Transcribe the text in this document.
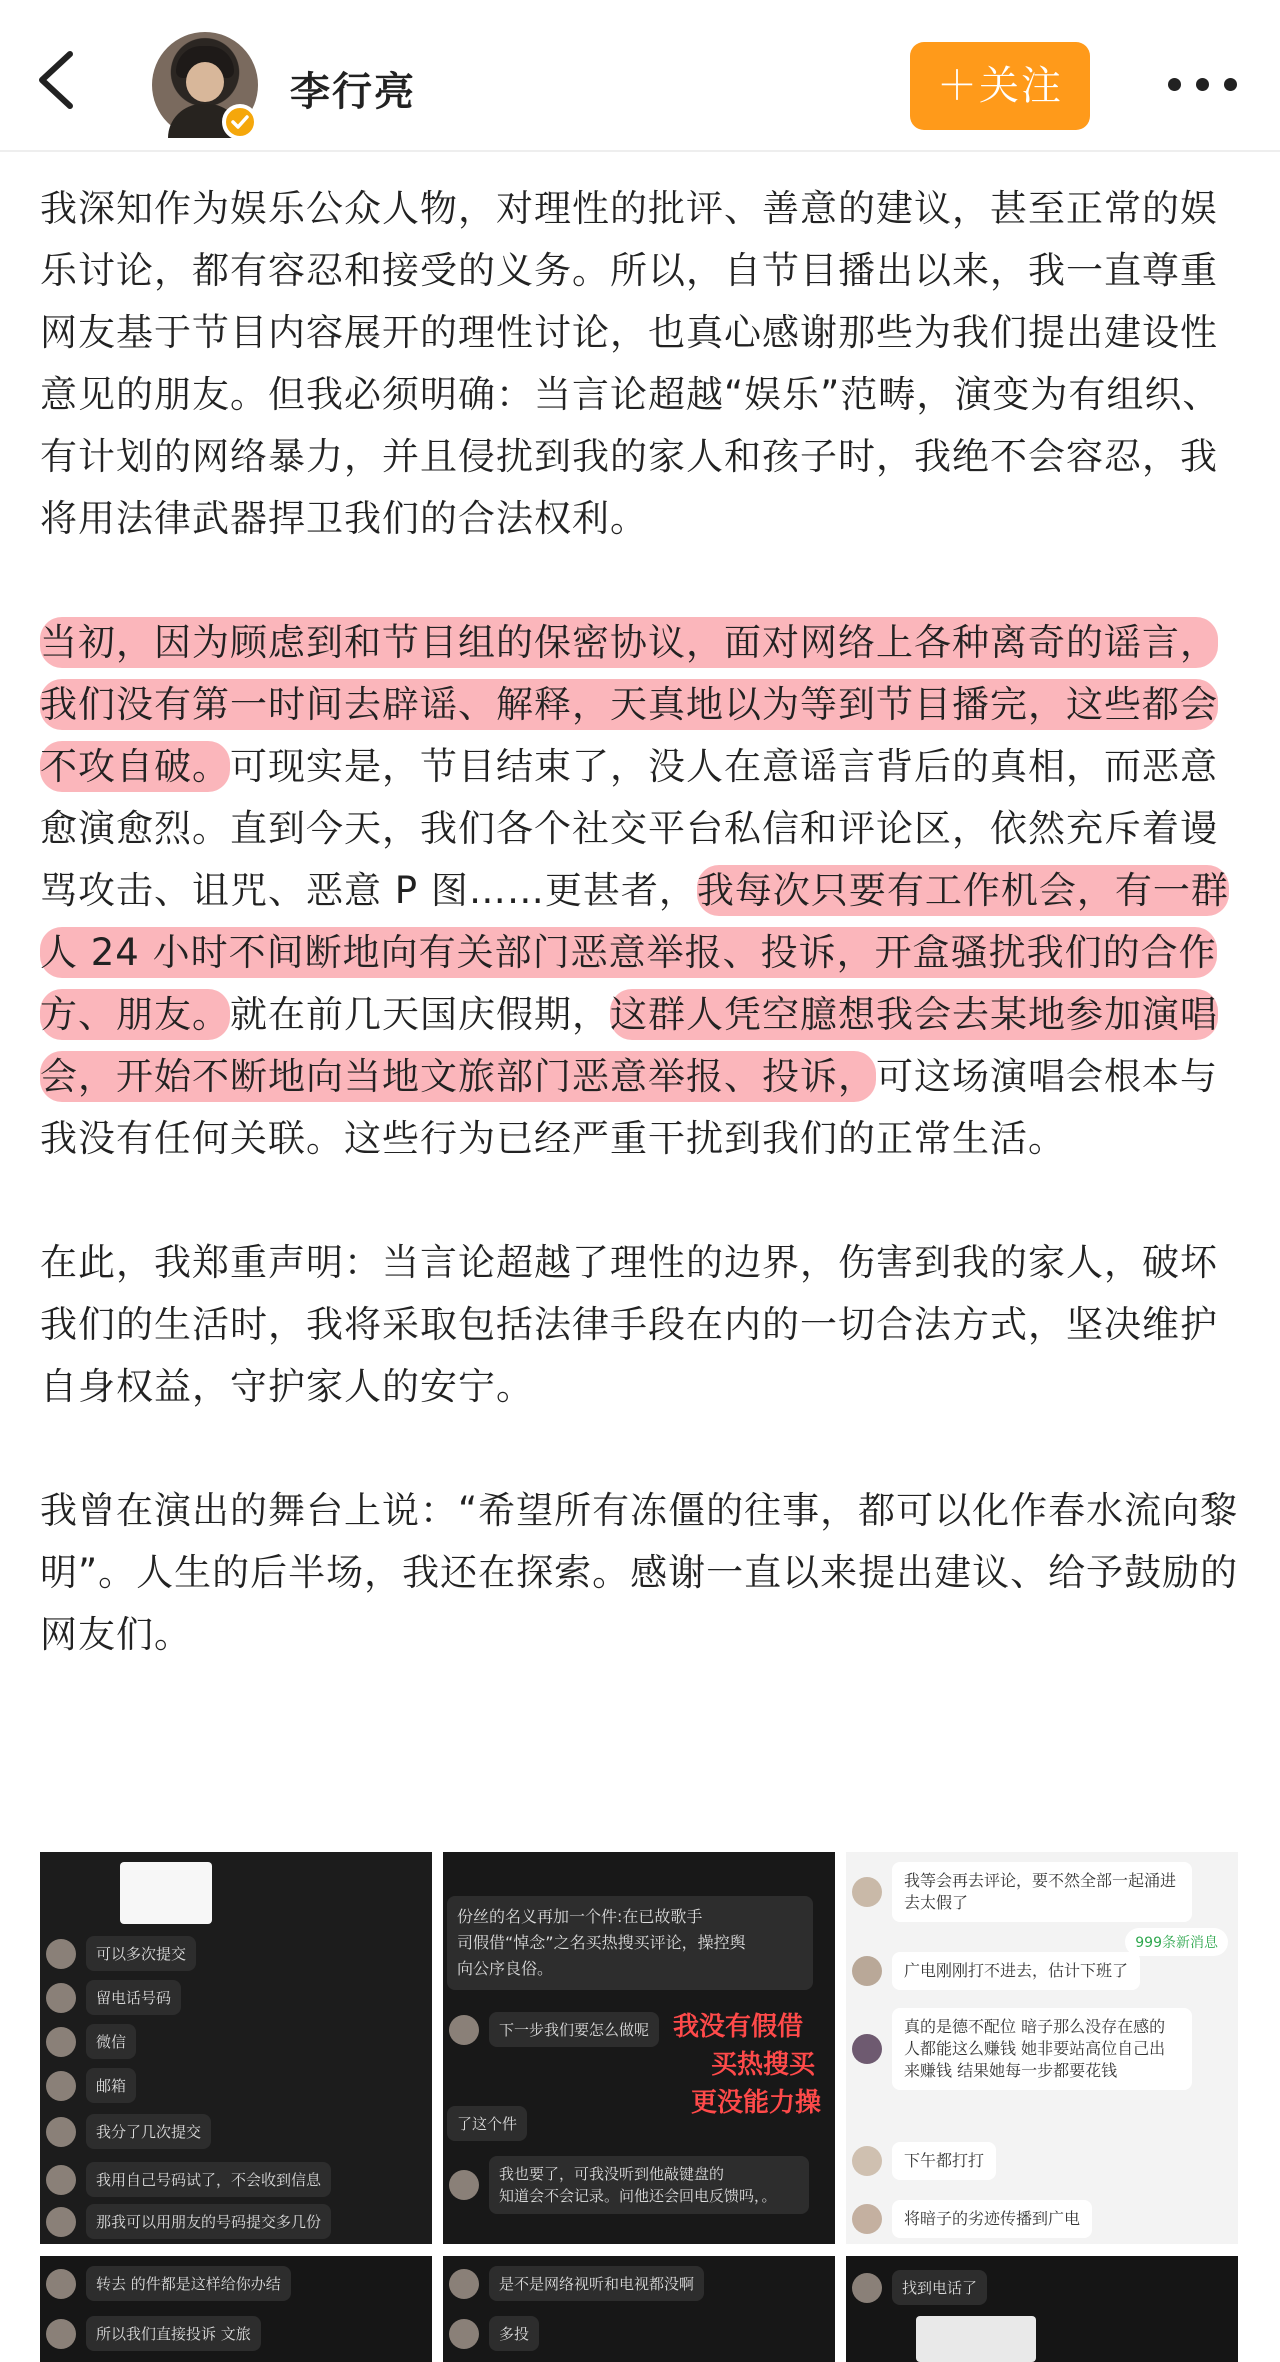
李行亮	＋关注

我深知作为娱乐公众人物，对理性的批评、善意的建议，甚至正常的娱乐讨论，都有容忍和接受的义务。所以，自节目播出以来，我一直尊重网友基于节目内容展开的理性讨论，也真心感谢那些为我们提出建设性意见的朋友。但我必须明确：当言论超越“娱乐”范畴，演变为有组织、有计划的网络暴力，并且侵扰到我的家人和孩子时，我绝不会容忍，我将用法律武器捍卫我们的合法权利。

当初，因为顾虑到和节目组的保密协议，面对网络上各种离奇的谣言，我们没有第一时间去辟谣、解释，天真地以为等到节目播完，这些都会不攻自破。可现实是，节目结束了，没人在意谣言背后的真相，而恶意愈演愈烈。直到今天，我们各个社交平台私信和评论区，依然充斥着谩骂攻击、诅咒、恶意 P 图……更甚者，我每次只要有工作机会，有一群人 24 小时不间断地向有关部门恶意举报、投诉，开盒骚扰我们的合作方、朋友。就在前几天国庆假期，这群人凭空臆想我会去某地参加演唱会，开始不断地向当地文旅部门恶意举报、投诉，可这场演唱会根本与我没有任何关联。这些行为已经严重干扰到我们的正常生活。

在此，我郑重声明：当言论超越了理性的边界，伤害到我的家人，破坏我们的生活时，我将采取包括法律手段在内的一切合法方式，坚决维护自身权益，守护家人的安宁。

我曾在演出的舞台上说：“希望所有冻僵的往事，都可以化作春水流向黎明”。人生的后半场，我还在探索。感谢一直以来提出建议、给予鼓励的网友们。

可以多次提交
留电话号码
微信
邮箱
我分了几次提交
我用自己号码试了，不会收到信息
那我可以用朋友的号码提交多几份
份丝的名义再加一个件:在已故歌手
司假借“悼念”之名买热搜买评论，操控舆
向公序良俗。
下一步我们要怎么做呢 我没有假借
买热搜买
更没能力操
了这个件
我也要了，可我没听到他敲键盘的
知道会不会记录。问他还会回电反馈吗，。
我等会再去评论，要不然全部一起涌进去太假了
999条新消息
广电刚刚打不进去，估计下班了
真的是德不配位 暗子那么没存在感的人都能这么赚钱 她非要站高位自己出来赚钱 结果她每一步都要花钱
下午都打打
将暗子的劣迹传播到广电
转去 的件都是这样给你办结
所以我们直接投诉 文旅
是不是网络视听和电视都没啊
多投
找到电话了
